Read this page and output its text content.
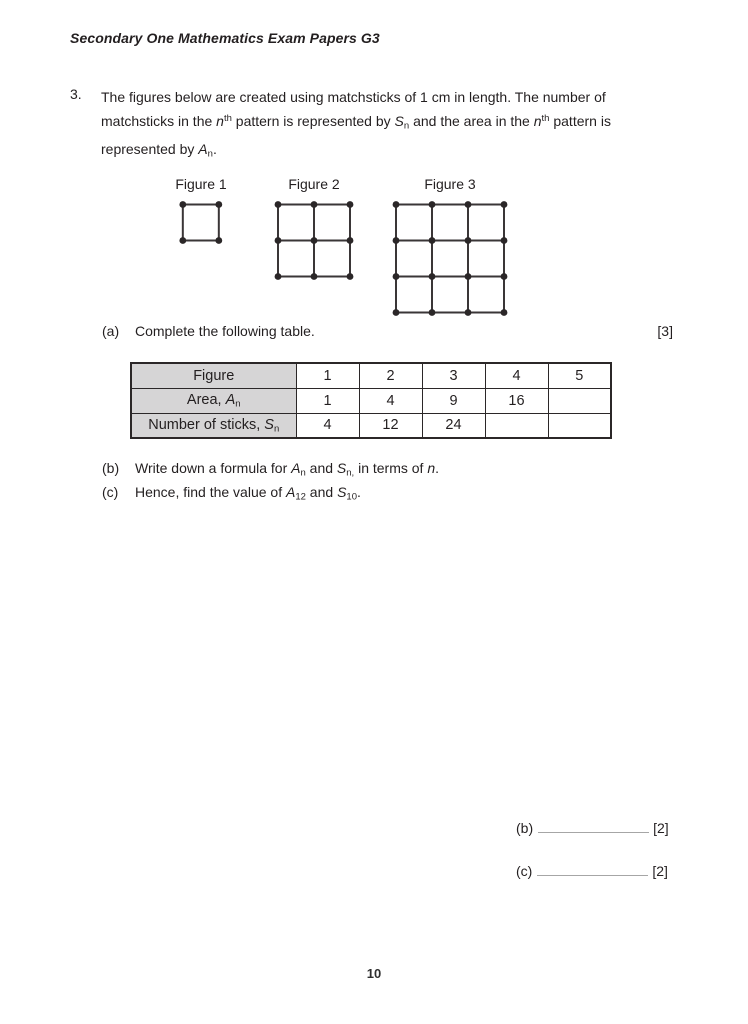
Secondary One Mathematics Exam Papers G3
3. The figures below are created using matchsticks of 1 cm in length. The number of
matchsticks in the $n^{th}$ pattern is represented by Sn and the area in the $n^{th}$ pattern is
represented by An.
Figure 1	Figure 2	Figure 3
(a) Complete the following table.	[3]
Figure	1	2	3	4	5
Area, An	1	4	9	16	
Number of sticks, Sn	4	12	24		
(b) Write down a formula for An and Sn, in terms of n.
(c) Hence, find the value of A12 and S10.
(b)	[2]
(c)	[2]
10
